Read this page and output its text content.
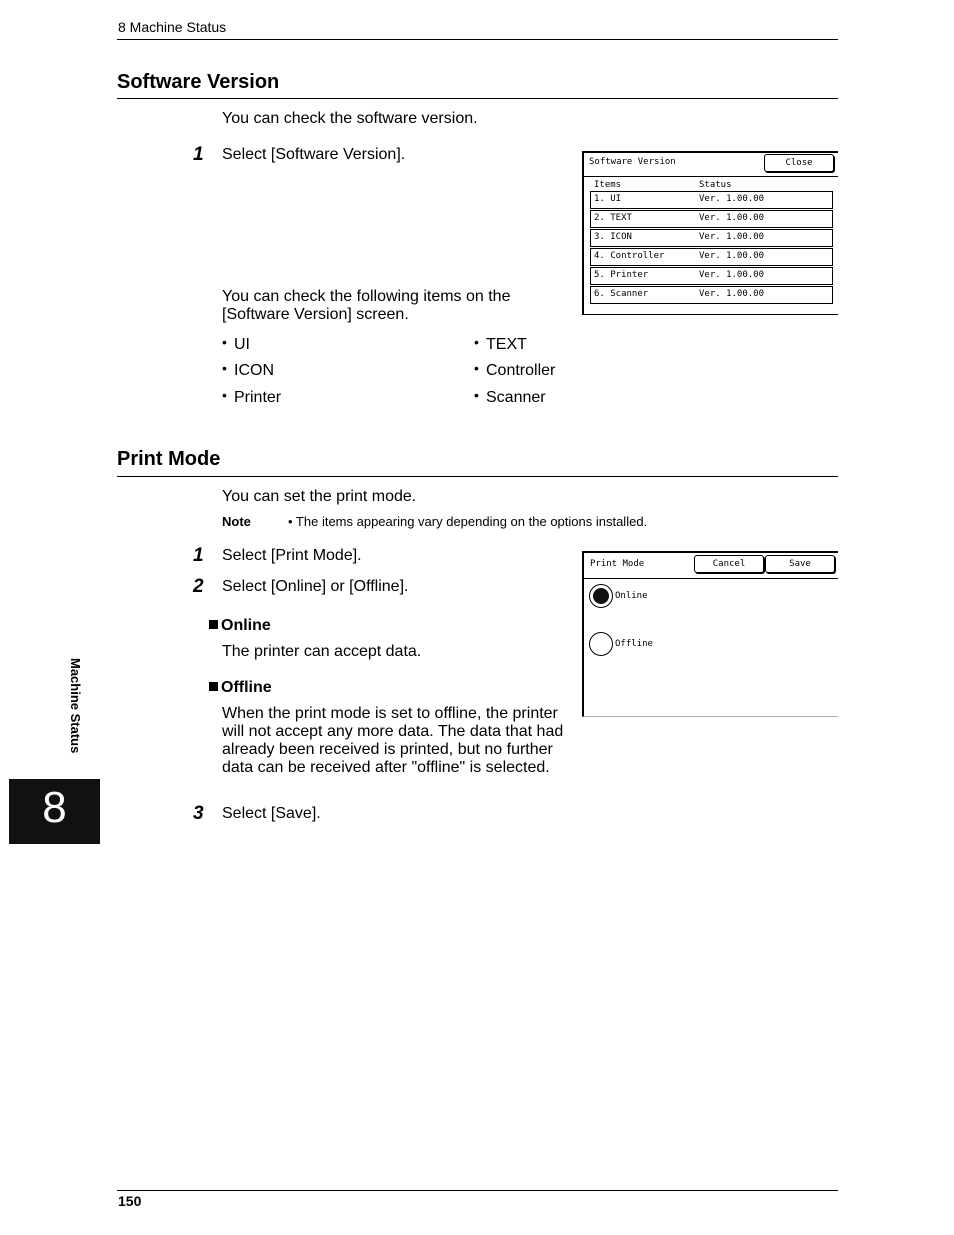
8 Machine Status
Software Version
You can check the software version.
1 Select [Software Version].	Software Version	Close
Items	Status
1. UI	Ver. 1.00.00
2. TEXT	Ver. 1.00.00
3. ICON	Ver. 1.00.00
4. Controller	Ver. 1.00.00
5. Printer	Ver. 1.00.00
6. Scanner	Ver. 1.00.00
You can check the following items on the [Software Version] screen.
• UI	• TEXT
• ICON	• Controller
• Printer	• Scanner
Print Mode
You can set the print mode.
Note	• The items appearing vary depending on the options installed.
1 Select [Print Mode].
2 Select [Online] or [Offline].
Online
The printer can accept data.
Offline
When the print mode is set to offline, the printer will not accept any more data. The data that had already been received is printed, but no further data can be received after "offline" is selected.
3 Select [Save].
Print Mode	Cancel	Save
Online
Offline
Machine Status
8
150
